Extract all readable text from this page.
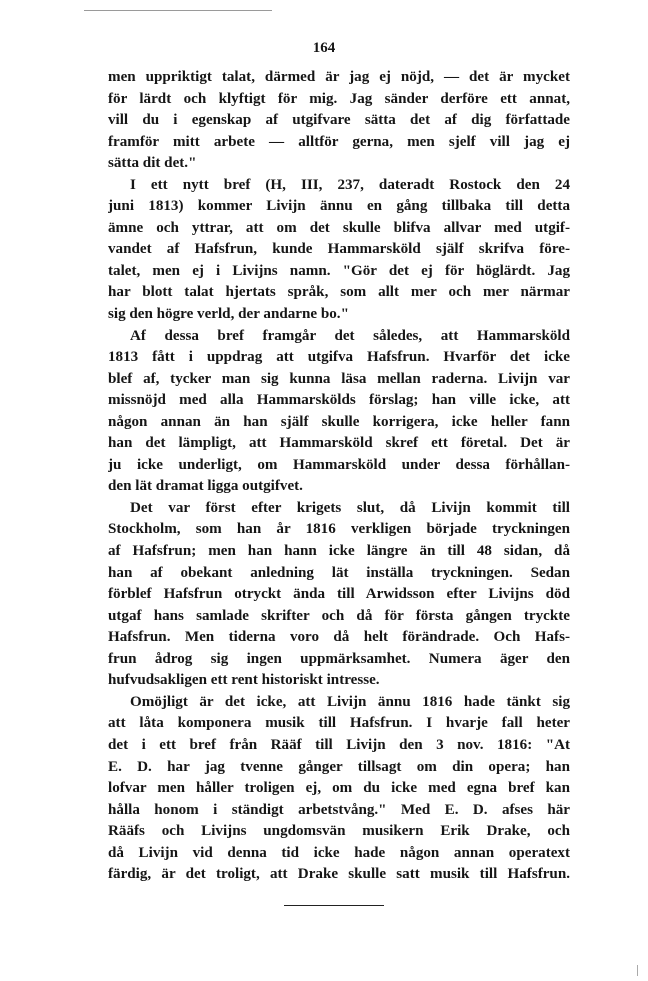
164
men uppriktigt talat, därmed är jag ej nöjd, — det är mycket
för lärdt och klyftigt för mig. Jag sänder derföre ett annat,
vill du i egenskap af utgifvare sätta det af dig författade
framför mitt arbete — alltför gerna, men sjelf vill jag ej
sätta dit det."
I ett nytt bref (H, III, 237, dateradt Rostock den 24
juni 1813) kommer Livijn ännu en gång tillbaka till detta
ämne och yttrar, att om det skulle blifva allvar med utgif-
vandet af Hafsfrun, kunde Hammarsköld själf skrifva före-
talet, men ej i Livijns namn. "Gör det ej för höglärdt. Jag
har blott talat hjertats språk, som allt mer och mer närmar
sig den högre verld, der andarne bo."
Af dessa bref framgår det således, att Hammarsköld
1813 fått i uppdrag att utgifva Hafsfrun. Hvarför det icke
blef af, tycker man sig kunna läsa mellan raderna. Livijn var
missnöjd med alla Hammarskölds förslag; han ville icke, att
någon annan än han själf skulle korrigera, icke heller fann
han det lämpligt, att Hammarsköld skref ett företal. Det är
ju icke underligt, om Hammarsköld under dessa förhållan-
den lät dramat ligga outgifvet.
Det var först efter krigets slut, då Livijn kommit till
Stockholm, som han år 1816 verkligen började tryckningen
af Hafsfrun; men han hann icke längre än till 48 sidan, då
han af obekant anledning lät inställa tryckningen. Sedan
förblef Hafsfrun otryckt ända till Arwidsson efter Livijns död
utgaf hans samlade skrifter och då för första gången tryckte
Hafsfrun. Men tiderna voro då helt förändrade. Och Hafs-
frun ådrog sig ingen uppmärksamhet. Numera äger den
hufvudsakligen ett rent historiskt intresse.
Omöjligt är det icke, att Livijn ännu 1816 hade tänkt sig
att låta komponera musik till Hafsfrun. I hvarje fall heter
det i ett bref från Rääf till Livijn den 3 nov. 1816: "At
E. D. har jag tvenne gånger tillsagt om din opera; han
lofvar men håller troligen ej, om du icke med egna bref kan
hålla honom i ständigt arbetstvång." Med E. D. afses här
Rääfs och Livijns ungdomsvän musikern Erik Drake, och
då Livijn vid denna tid icke hade någon annan operatext
färdig, är det troligt, att Drake skulle satt musik till Hafsfrun.
